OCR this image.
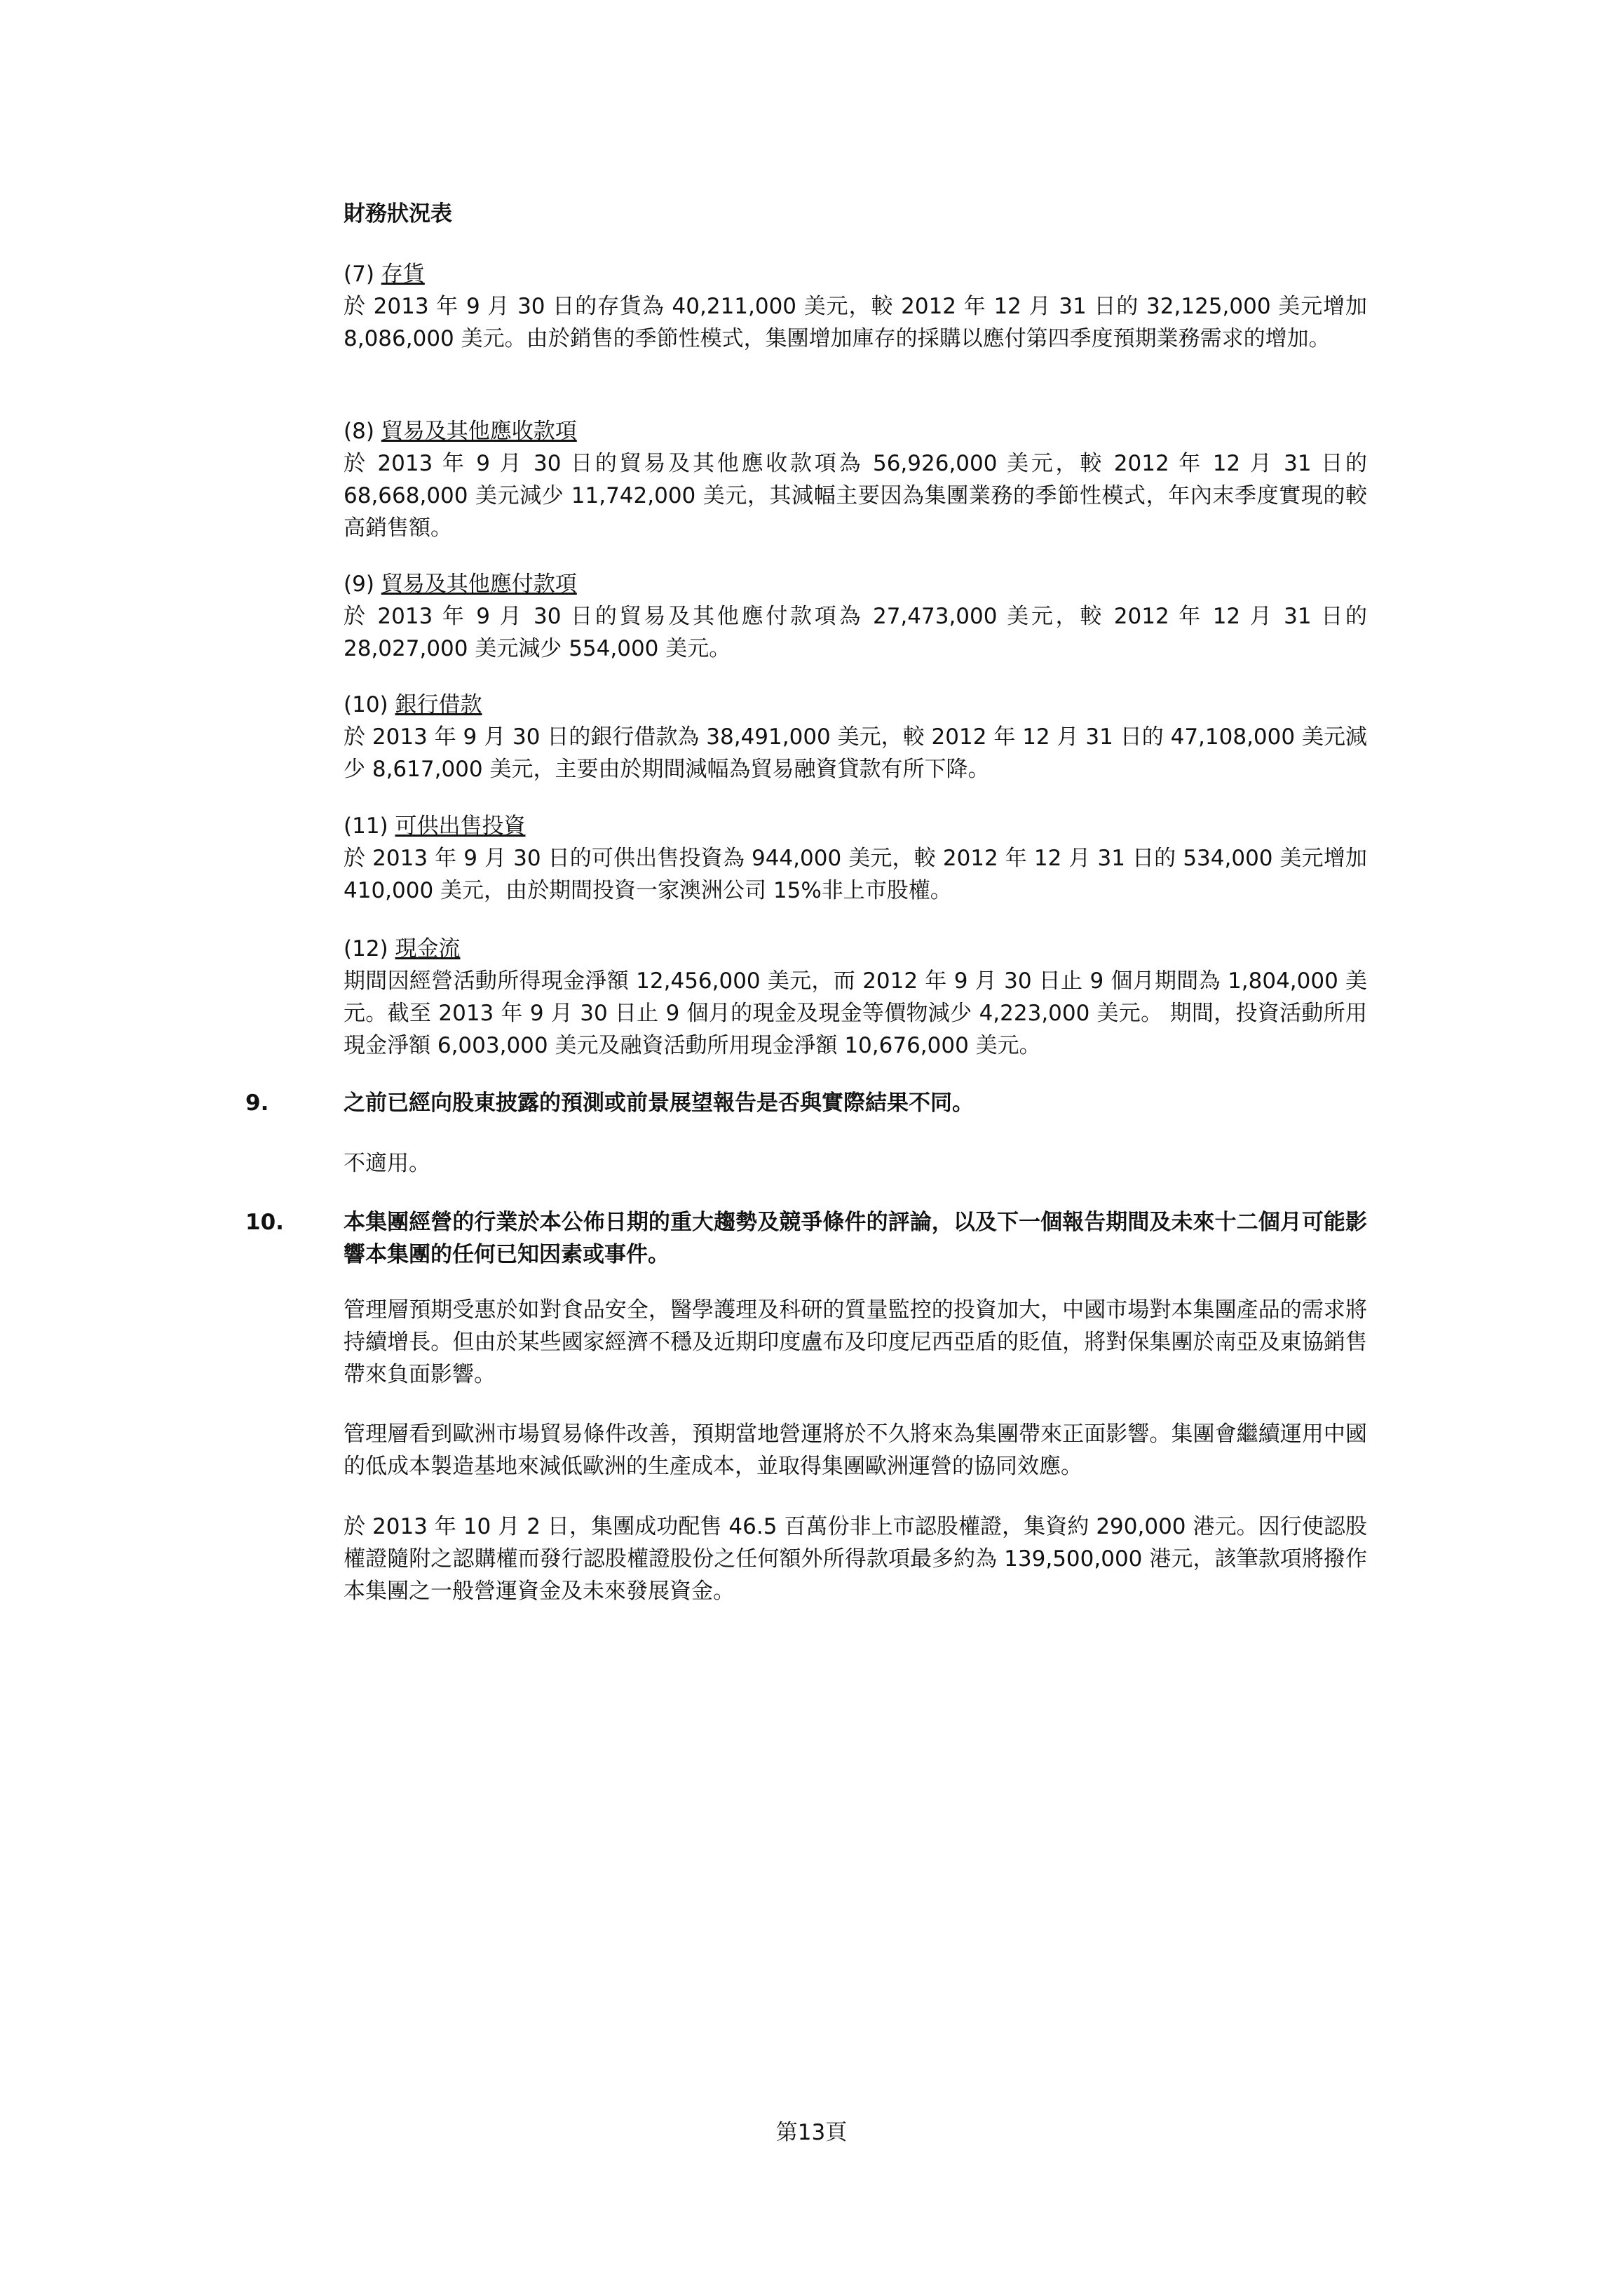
財務狀況表
(7) 存貨
於 2013 年 9 月 30 日的存貨為 40,211,000 美元，較 2012 年 12 月 31 日的 32,125,000 美元增加 8,086,000 美元。由於銷售的季節性模式，集團增加庫存的採購以應付第四季度預期業務需求的增加。
(8) 貿易及其他應收款項
於 2013 年 9 月 30 日的貿易及其他應收款項為 56,926,000 美元，較 2012 年 12 月 31 日的 68,668,000 美元減少 11,742,000 美元，其減幅主要因為集團業務的季節性模式，年內末季度實現的較高銷售額。
(9) 貿易及其他應付款項
於 2013 年 9 月 30 日的貿易及其他應付款項為 27,473,000 美元，較 2012 年 12 月 31 日的 28,027,000 美元減少 554,000 美元。
(10) 銀行借款
於 2013 年 9 月 30 日的銀行借款為 38,491,000 美元，較 2012 年 12 月 31 日的 47,108,000 美元減少 8,617,000 美元，主要由於期間減幅為貿易融資貸款有所下降。
(11) 可供出售投資
於 2013 年 9 月 30 日的可供出售投資為 944,000 美元，較 2012 年 12 月 31 日的 534,000 美元增加 410,000 美元，由於期間投資一家澳洲公司 15%非上市股權。
(12) 現金流
期間因經營活動所得現金淨額 12,456,000 美元，而 2012 年 9 月 30 日止 9 個月期間為 1,804,000 美元。截至 2013 年 9 月 30 日止 9 個月的現金及現金等價物減少 4,223,000 美元。 期間，投資活動所用現金淨額 6,003,000 美元及融資活動所用現金淨額 10,676,000 美元。
9.	之前已經向股東披露的預測或前景展望報告是否與實際結果不同。
不適用。
10.	本集團經營的行業於本公佈日期的重大趨勢及競爭條件的評論，以及下一個報告期間及未來十二個月可能影響本集團的任何已知因素或事件。
管理層預期受惠於如對食品安全，醫學護理及科研的質量監控的投資加大，中國市場對本集團產品的需求將持續增長。但由於某些國家經濟不穩及近期印度盧布及印度尼西亞盾的貶值，將對保集團於南亞及東協銷售帶來負面影響。
管理層看到歐洲市場貿易條件改善，預期當地營運將於不久將來為集團帶來正面影響。集團會繼續運用中國的低成本製造基地來減低歐洲的生產成本，並取得集團歐洲運營的協同效應。
於 2013 年 10 月 2 日，集團成功配售 46.5 百萬份非上市認股權證，集資約 290,000 港元。因行使認股權證隨附之認購權而發行認股權證股份之任何額外所得款項最多約為 139,500,000 港元，該筆款項將撥作本集團之一般營運資金及未來發展資金。
第13頁
